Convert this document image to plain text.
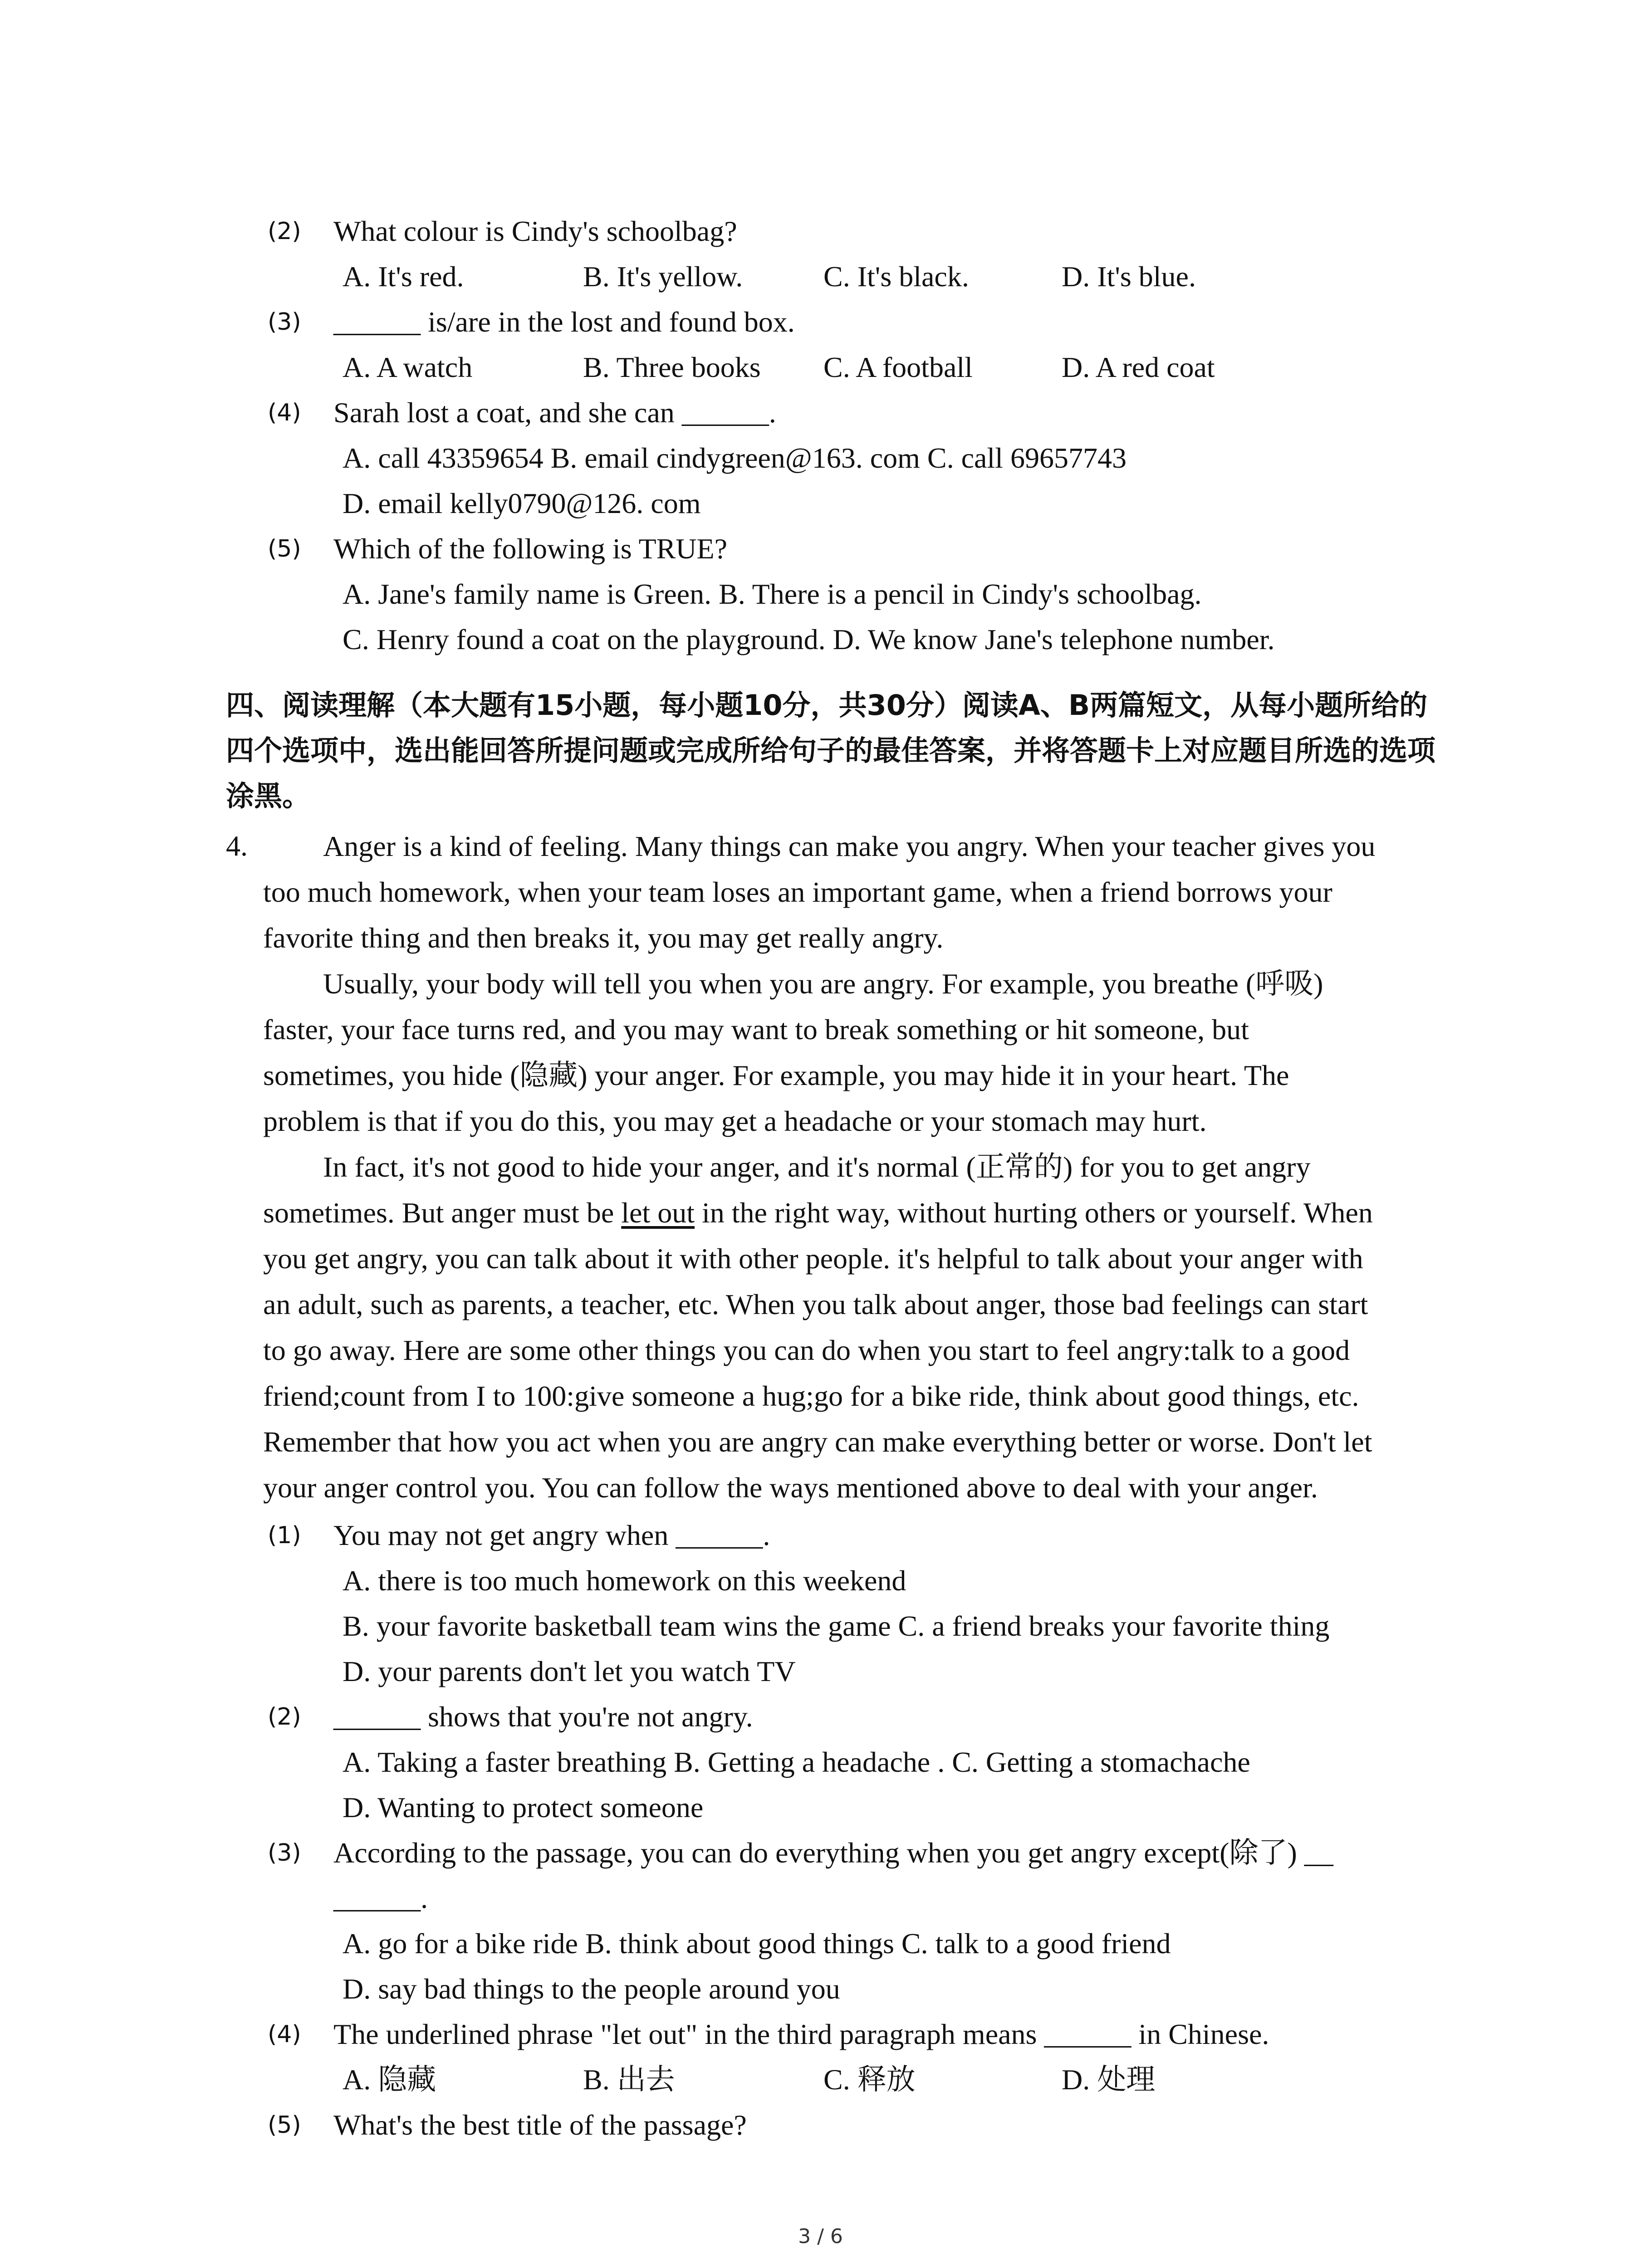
(2) What colour is Cindy's schoolbag?
A. It's red.	B. It's yellow.	C. It's black.	D. It's blue.
(3) ______ is/are in the lost and found box.
A. A watch	B. Three books C. A football	D. A red coat
(4) Sarah lost a coat, and she can ______.
A. call 43359654 B. email cindygreen@163. com C. call 69657743
D. email kelly0790@126. com
(5) Which of the following is TRUE?
A. Jane's family name is Green. B. There is a pencil in Cindy's schoolbag.
C. Henry found a coat on the playground. D. We know Jane's telephone number.
四、阅读理解（本大题有15小题，每小题10分，共30分）阅读A、B两篇短文，从每小题所给的四个选项中，选出能回答所提问题或完成所给句子的最佳答案，并将答题卡上对应题目所选的选项涂黑。
4.	Anger is a kind of feeling. Many things can make you angry. When your teacher gives you
too much homework, when your team loses an important game, when a friend borrows your
favorite thing and then breaks it, you may get really angry.
Usually, your body will tell you when you are angry. For example, you breathe (呼吸)
faster, your face turns red, and you may want to break something or hit someone, but
sometimes, you hide (隐藏) your anger. For example, you may hide it in your heart. The
problem is that if you do this, you may get a headache or your stomach may hurt.
In fact, it's not good to hide your anger, and it's normal (正常的) for you to get angry
sometimes. But anger must be let out in the right way, without hurting others or yourself. When
you get angry, you can talk about it with other people. it's helpful to talk about your anger with
an adult, such as parents, a teacher, etc. When you talk about anger, those bad feelings can start
to go away. Here are some other things you can do when you start to feel angry:talk to a good
friend;count from I to 100:give someone a hug;go for a bike ride, think about good things, etc.
Remember that how you act when you are angry can make everything better or worse. Don't let
your anger control you. You can follow the ways mentioned above to deal with your anger.
(1) You may not get angry when ______.
A. there is too much homework on this weekend
B. your favorite basketball team wins the game C. a friend breaks your favorite thing
D. your parents don't let you watch TV
(2) ______ shows that you're not angry.
A. Taking a faster breathing B. Getting a headache . C. Getting a stomachache
D. Wanting to protect someone
(3) According to the passage, you can do everything when you get angry except(除了) __
______.
A. go for a bike ride B. think about good things C. talk to a good friend
D. say bad things to the people around you
(4) The underlined phrase "let out" in the third paragraph means ______ in Chinese.
A. 隐藏	B. 出去	C. 释放	D. 处理
(5) What's the best title of the passage?
3 / 6
